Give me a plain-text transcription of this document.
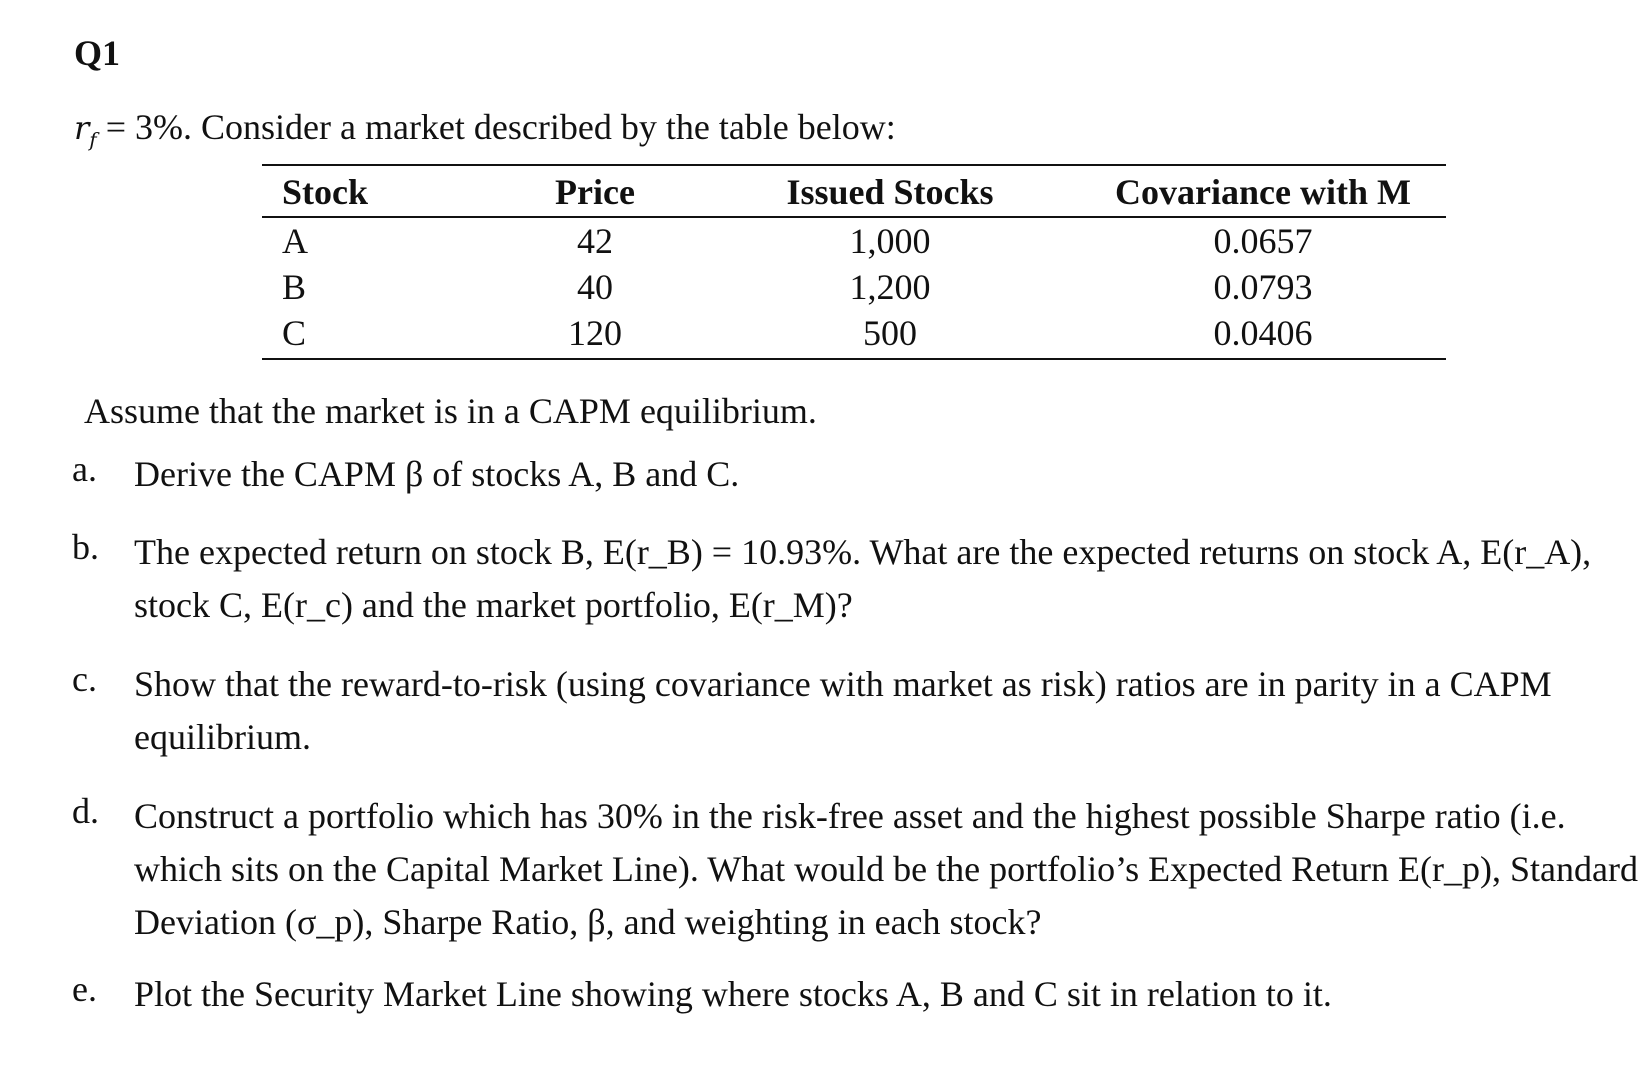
Q1
$r_f = 3\%$. Consider a market described by the table below:
Stock	Price	Issued Stocks	Covariance with M
A	42	1,000	0.0657
B	40	1,200	0.0793
C	120	500	0.0406
Assume that the market is in a CAPM equilibrium.
a.	Derive the CAPM β of stocks A, B and C.
b. The expected return on stock B, E(r_B) = 10.93%. What are the expected returns on stock A, E(r_A), stock C, E(r_c) and the market portfolio, E(r_M)?
c.	Show that the reward-to-risk (using covariance with market as risk) ratios are in parity in a CAPM equilibrium.
d. Construct a portfolio which has 30% in the risk-free asset and the highest possible Sharpe ratio (i.e. which sits on the Capital Market Line). What would be the portfolio’s Expected Return E(r_p), Standard Deviation (σ_p), Sharpe Ratio, β, and weighting in each stock?
e.	Plot the Security Market Line showing where stocks A, B and C sit in relation to it.
